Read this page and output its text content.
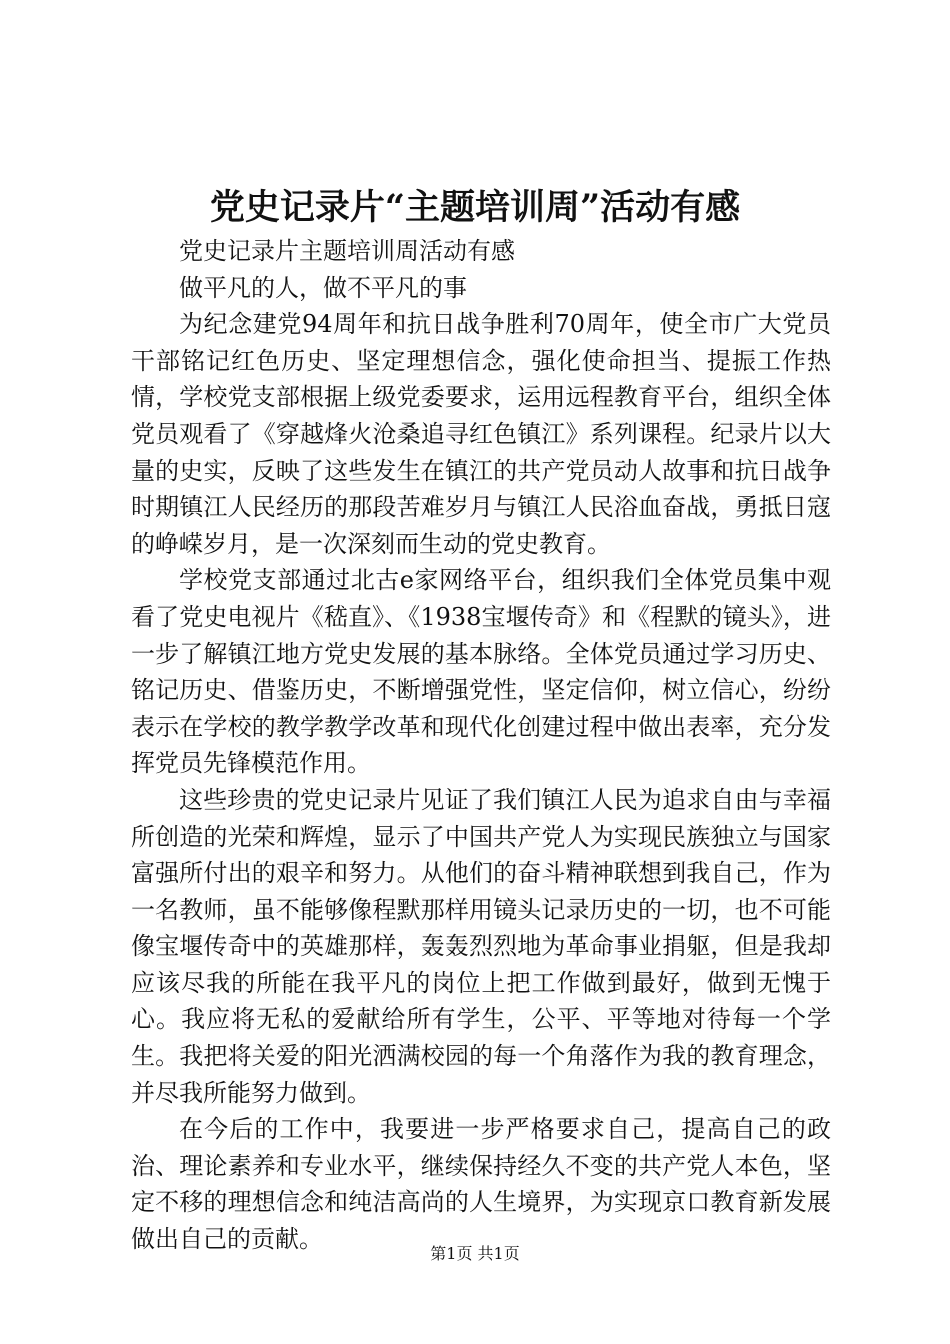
党史记录片“主题培训周”活动有感

党史记录片主题培训周活动有感

做平凡的人，做不平凡的事

为纪念建党94周年和抗日战争胜利70周年，使全市广大党员干部铭记红色历史、坚定理想信念，强化使命担当、提振工作热情，学校党支部根据上级党委要求，运用远程教育平台，组织全体党员观看了《穿越烽火沧桑追寻红色镇江》系列课程。纪录片以大量的史实，反映了这些发生在镇江的共产党员动人故事和抗日战争时期镇江人民经历的那段苦难岁月与镇江人民浴血奋战，勇抵日寇的峥嵘岁月，是一次深刻而生动的党史教育。

学校党支部通过北古e家网络平台，组织我们全体党员集中观看了党史电视片《嵇直》、《1938宝堰传奇》和《程默的镜头》，进一步了解镇江地方党史发展的基本脉络。全体党员通过学习历史、铭记历史、借鉴历史，不断增强党性，坚定信仰，树立信心，纷纷表示在学校的教学教学改革和现代化创建过程中做出表率，充分发挥党员先锋模范作用。

这些珍贵的党史记录片见证了我们镇江人民为追求自由与幸福所创造的光荣和辉煌，显示了中国共产党人为实现民族独立与国家富强所付出的艰辛和努力。从他们的奋斗精神联想到我自己，作为一名教师，虽不能够像程默那样用镜头记录历史的一切，也不可能像宝堰传奇中的英雄那样，轰轰烈烈地为革命事业捐躯，但是我却应该尽我的所能在我平凡的岗位上把工作做到最好，做到无愧于心。我应将无私的爱献给所有学生，公平、平等地对待每一个学生。我把将关爱的阳光洒满校园的每一个角落作为我的教育理念，并尽我所能努力做到。

在今后的工作中，我要进一步严格要求自己，提高自己的政治、理论素养和专业水平，继续保持经久不变的共产党人本色，坚定不移的理想信念和纯洁高尚的人生境界，为实现京口教育新发展做出自己的贡献。

第1页 共1页
